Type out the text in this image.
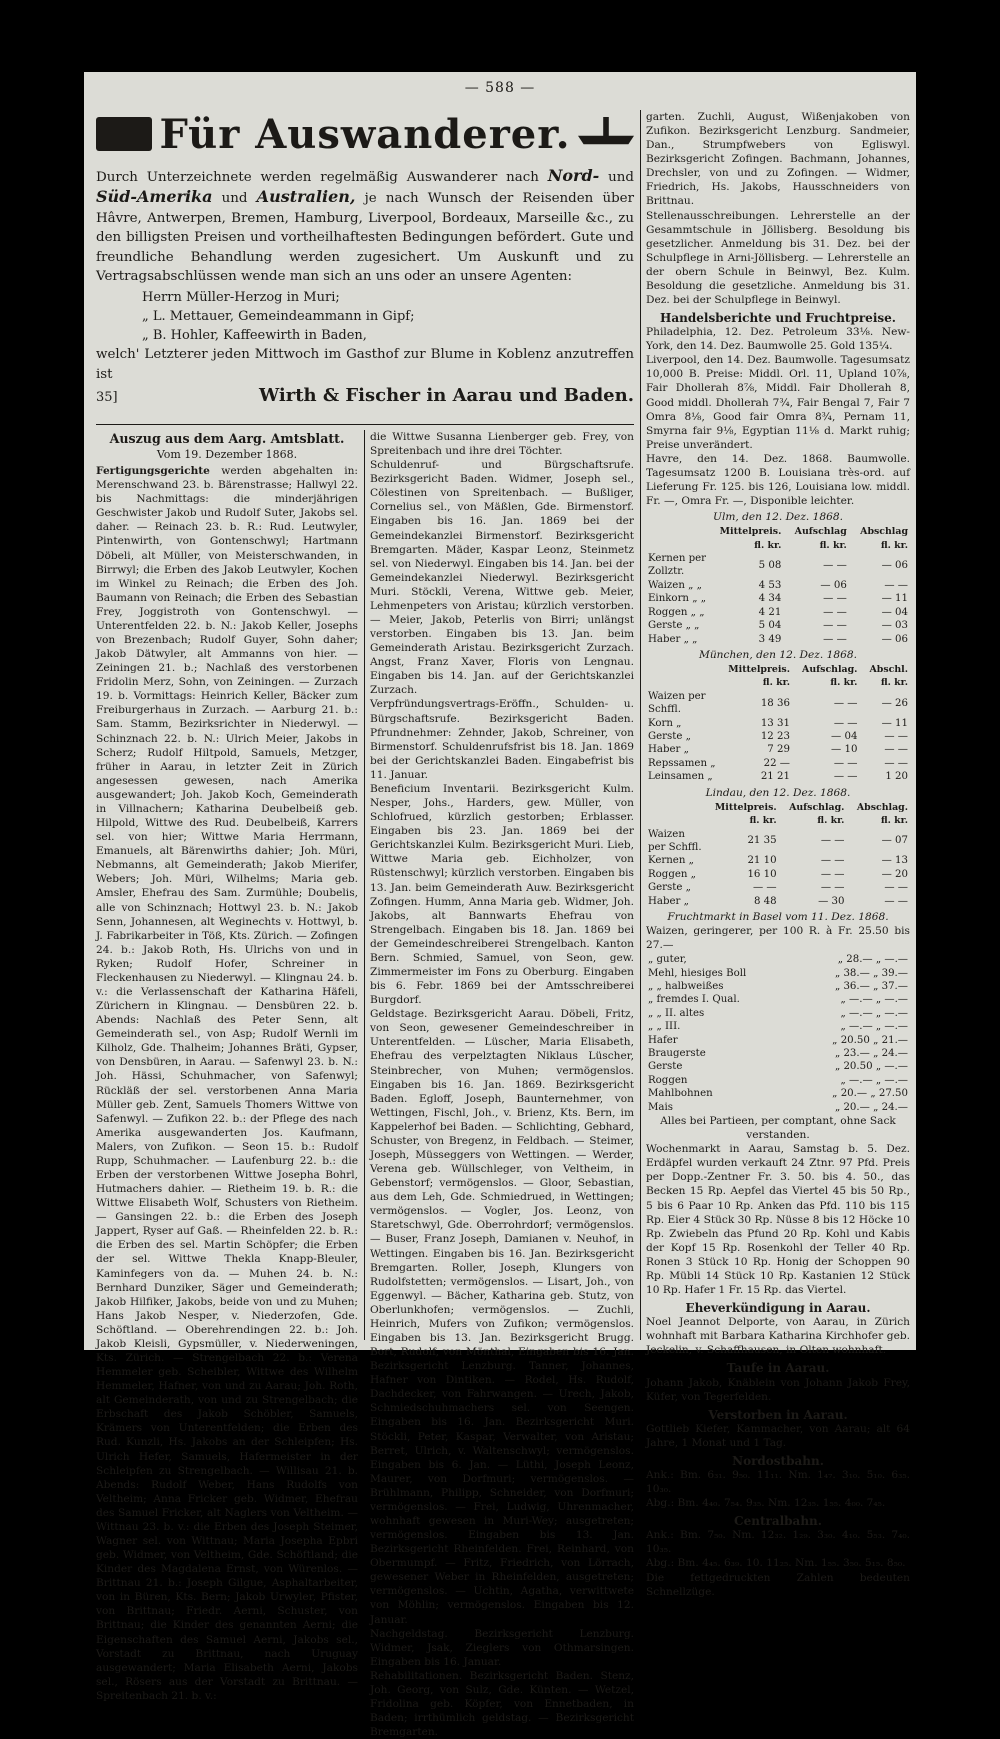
— 588 —
Für Auswanderer.

Durch Unterzeichnete werden regelmäßig Auswanderer nach Nord- und Süd-Amerika und Australien, je nach Wunsch der Reisenden über Hâvre, Antwerpen, Bremen, Hamburg, Liverpool, Bordeaux, Marseille &c., zu den billigsten Preisen und vortheilhaftesten Bedingungen befördert. Gute und freundliche Behandlung werden zugesichert. Um Auskunft und zu Vertragsabschlüssen wende man sich an uns oder an unsere Agenten:

Herrn Müller-Herzog in Muri;
„ L. Mettauer, Gemeindeammann in Gipf;
„ B. Hohler, Kaffeewirth in Baden,

welch' Letzterer jeden Mittwoch im Gasthof zur Blume in Koblenz anzutreffen ist

35]	Wirth & Fischer in Aarau und Baden.
Auszug aus dem Aarg. Amtsblatt.
Vom 19. Dezember 1868.

Fertigungsgerichte werden abgehalten in: Merenschwand 23. b. Bärenstrasse; Hallwyl 22. bis Nachmittags: die minderjährigen Geschwister Jakob und Rudolf Suter, Jakobs sel. daher. — Reinach 23. b. R.: Rud. Leutwyler, Pintenwirth, von Gontenschwyl; Hartmann Döbeli, alt Müller, von Meisterschwanden, in Birrwyl; die Erben des Jakob Leutwyler, Kochen im Winkel zu Reinach; die Erben des Joh. Baumann von Reinach; die Erben des Sebastian Frey, Joggistroth von Gontenschwyl. — Unterentfelden 22. b. N.: Jakob Keller, Josephs von Brezenbach; Rudolf Guyer, Sohn daher; Jakob Dätwyler, alt Ammanns von hier. — Zeiningen 21. b.; Nachlaß des verstorbenen Fridolin Merz, Sohn, von Zeiningen. — Zurzach 19. b. Vormittags: Heinrich Keller, Bäcker zum Freiburgerhaus in Zurzach. — Aarburg 21. b.: Sam. Stamm, Bezirksrichter in Niederwyl. — Schinznach 22. b. N.: Ulrich Meier, Jakobs in Scherz; Rudolf Hiltpold, Samuels, Metzger, früher in Aarau, in letzter Zeit in Zürich angesessen gewesen, nach Amerika ausgewandert; Joh. Jakob Koch, Gemeinderath in Villnachern; Katharina Deubelbeiß geb. Hilpold, Wittwe des Rud. Deubelbeiß, Karrers sel. von hier; Wittwe Maria Herrmann, Emanuels, alt Bärenwirths dahier; Joh. Müri, Nebmanns, alt Gemeinderath; Jakob Mierifer, Webers; Joh. Müri, Wilhelms; Maria geb. Amsler, Ehefrau des Sam. Zurmühle; Doubelis, alle von Schinznach; Hottwyl 23. b. N.: Jakob Senn, Johannesen, alt Weginechts v. Hottwyl, b. J. Fabrikarbeiter in Töß, Kts. Zürich. — Zofingen 24. b.: Jakob Roth, Hs. Ulrichs von und in Ryken; Rudolf Hofer, Schreiner in Fleckenhausen zu Niederwyl. — Klingnau 24. b. v.: die Verlassenschaft der Katharina Häfeli, Zürichern in Klingnau. — Densbüren 22. b. Abends: Nachlaß des Peter Senn, alt Gemeinderath sel., von Asp; Rudolf Wernli im Kilholz, Gde. Thalheim; Johannes Bräti, Gypser, von Densbüren, in Aarau. — Safenwyl 23. b. N.: Joh. Hässi, Schuhmacher, von Safenwyl; Rückläß der sel. verstorbenen Anna Maria Müller geb. Zent, Samuels Thomers Wittwe von Safenwyl. — Zufikon 22. b.: der Pflege des nach Amerika ausgewanderten Jos. Kaufmann, Malers, von Zufikon. — Seon 15. b.: Rudolf Rupp, Schuhmacher. — Laufenburg 22. b.: die Erben der verstorbenen Wittwe Josepha Bohrl, Hutmachers dahier. — Rietheim 19. b. R.: die Wittwe Elisabeth Wolf, Schusters von Rietheim. — Gansingen 22. b.: die Erben des Joseph Jappert, Ryser auf Gaß. — Rheinfelden 22. b. R.: die Erben des sel. Martin Schöpfer; die Erben der sel. Wittwe Thekla Knapp-Bleuler, Kaminfegers von da. — Muhen 24. b. N.: Bernhard Dunziker, Säger und Gemeinderath; Jakob Hilfiker, Jakobs, beide von und zu Muhen; Hans Jakob Nesper, v. Niederzofen, Gde. Schöftland. — Oberehrendingen 22. b.: Joh. Jakob Kleisli, Gypsmüller, v. Niederweningen, Kts. Zürich. — Strengelbach 22. b.: Verena Hemmeler geb. Scheibler, Wittwe des Wilhelm Hemmeler, Hafner, von und zu Aarau; Joh. Roth, alt Gemeinderath, von und zu Strengelbach; die Erbschaft des Jakob Schöbler, Samuels, Krämers von Unterentfelden; die Erben des Rud. Kunzli, Hs. Jakobs an der Schleipfen; Hs. Ulrich Hefer, Samuels, Hafermeister in der Schleipfen zu Strengelbach. — Willisau 21. b. Abends: Rudolf Weber, Hans Rudolfs von Veltheim; Anna Fricker geb. Widmer, Ehefrau des Samuel Fricker, alt Naglers von Veltheim. — Wittnau 23. b. v.: die Erben des Joseph Steimer, Wagner sel. von Wittnau; Maria Josepha Epbri geb. Widmer, von Veltheim, Gde. Schöftland; die Kinder des Magdalena Ernst, von Würenlos. — Brittnau 21. b.: Joseph Gilgue, Asphaltarbeiter, von in Büren, Kts. Bern; Jakob Urwyler, Pfister, von Brittnau; Friedr. Aerni, Schuster, von Brittnau; die Kinder des genannten Aerni; die Eigenschaften des Samuel Aerni, Jakobs sel., Vorstadt zu Brittnau, nach Uruguay ausgewandert; Maria Elisabeth Aerni, Jakobs sel., Rösers aus der Vorstadt zu Brittnau. — Spreitenbach 21. b. v.:

die Wittwe Susanna Lienberger geb. Frey, von Spreitenbach und ihre drei Töchter.

Schuldenruf- und Bürgschaftsrufe. Bezirksgericht Baden. Widmer, Joseph sel., Cölestinen von Spreitenbach. — Bußliger, Cornelius sel., von Mäßlen, Gde. Birmenstorf. Eingaben bis 16. Jan. 1869 bei der Gemeindekanzlei Birmenstorf. Bezirksgericht Bremgarten. Mäder, Kaspar Leonz, Steinmetz sel. von Niederwyl. Eingaben bis 14. Jan. bei der Gemeindekanzlei Niederwyl. Bezirksgericht Muri. Stöckli, Verena, Wittwe geb. Meier, Lehmenpeters von Aristau; kürzlich verstorben. — Meier, Jakob, Peterlis von Birri; unlängst verstorben. Eingaben bis 13. Jan. beim Gemeinderath Aristau. Bezirksgericht Zurzach. Angst, Franz Xaver, Floris von Lengnau. Eingaben bis 14. Jan. auf der Gerichtskanzlei Zurzach.

Verpfründungsvertrags-Eröffn., Schulden- u. Bürgschaftsrufe. Bezirksgericht Baden. Pfrundnehmer: Zehnder, Jakob, Schreiner, von Birmenstorf. Schuldenrufsfrist bis 18. Jan. 1869 bei der Gerichtskanzlei Baden. Eingabefrist bis 11. Januar.

Beneficium Inventarii. Bezirksgericht Kulm. Nesper, Johs., Harders, gew. Müller, von Schlofrued, kürzlich gestorben; Erblasser. Eingaben bis 23. Jan. 1869 bei der Gerichtskanzlei Kulm. Bezirksgericht Muri. Lieb, Wittwe Maria geb. Eichholzer, von Rüstenschwyl; kürzlich verstorben. Eingaben bis 13. Jan. beim Gemeinderath Auw. Bezirksgericht Zofingen. Humm, Anna Maria geb. Widmer, Joh. Jakobs, alt Bannwarts Ehefrau von Strengelbach. Eingaben bis 18. Jan. 1869 bei der Gemeindeschreiberei Strengelbach. Kanton Bern. Schmied, Samuel, von Seon, gew. Zimmermeister im Fons zu Oberburg. Eingaben bis 6. Febr. 1869 bei der Amtsschreiberei Burgdorf.

Geldstage. Bezirksgericht Aarau. Döbeli, Fritz, von Seon, gewesener Gemeindeschreiber in Unterentfelden. — Lüscher, Maria Elisabeth, Ehefrau des verpelztagten Niklaus Lüscher, Steinbrecher, von Muhen; vermögenslos. Eingaben bis 16. Jan. 1869. Bezirksgericht Baden. Egloff, Joseph, Baunternehmer, von Wettingen, Fischl, Joh., v. Brienz, Kts. Bern, im Kappelerhof bei Baden. — Schlichting, Gebhard, Schuster, von Bregenz, in Feldbach. — Steimer, Joseph, Müsseggers von Wettingen. — Werder, Verena geb. Wüllschleger, von Veltheim, in Gebenstorf; vermögenslos. — Gloor, Sebastian, aus dem Leh, Gde. Schmiedrued, in Wettingen; vermögenslos. — Vogler, Jos. Leonz, von Staretschwyl, Gde. Oberrohrdorf; vermögenslos. — Buser, Franz Joseph, Damianen v. Neuhof, in Wettingen. Eingaben bis 16. Jan. Bezirksgericht Bremgarten. Roller, Joseph, Klungers von Rudolfstetten; vermögenslos. — Lisart, Joh., von Eggenwyl. — Bächer, Katharina geb. Stutz, von Oberlunkhofen; vermögenslos. — Zuchli, Heinrich, Mufers von Zufikon; vermögenslos. Eingaben bis 13. Jan. Bezirksgericht Brugg. Bort, Rudolf, von Mönthal, Eingaben bis 16. Jan. Bezirksgericht Lenzburg. Tanner, Johannes, Hafner von Dintiken. — Rodel, Hs. Rudolf, Dachdecker, von Fahrwangen. — Urech, Jakob, Schmiedschuhmachers sel. von Seengen. Eingaben bis 16. Jan. Bezirksgericht Muri. Stöckli, Peter, Kaspar, Verwalter, von Aristau; Berret, Ulrich, v. Waltenschwyl; vermögenslos. Eingaben bis 6. Jan. — Lüthi, Joseph Leonz, Maurer, von Dorfmuri; vermögenslos. — Brühlmann, Philipp, Schneider, von Dorfmuri; vermögenslos. — Frei, Ludwig, Uhrenmacher, wohnhaft gewesen in Muri-Wey; ausgetreten; vermögenslos. Eingaben bis 13. Jan. Bezirksgericht Rheinfelden. Frei, Reinhard, von Obermumpf. — Fritz, Friedrich, von Lörrach, gewesener Weber in Rheinfelden, ausgetreten; vermögenslos. — Uchtin, Agatha, verwittwete von Möhlin; vermögenslos. Eingaben bis 12. Januar.

Nachgeldstag. Bezirksgericht Lenzburg. Widmer, Jsak, Zieglers von Othmarsingen. Eingaben bis 16. Januar.

Rehabilitationen. Bezirksgericht Baden. Stenz, Joh. Georg, von Sulz, Gde. Künten. — Wetzel, Fridolina geb. Köpfer, von Ennetbaden, in Baden; irrthümlich geldstag. — Bezirksgericht Bremgarten.

garten. Zuchli, August, Wißenjakoben von Zufikon. Bezirksgericht Lenzburg. Sandmeier, Dan., Strumpfwebers von Egliswyl. Bezirksgericht Zofingen. Bachmann, Johannes, Drechsler, von und zu Zofingen. — Widmer, Friedrich, Hs. Jakobs, Hausschneiders von Brittnau.

Stellenausschreibungen. Lehrerstelle an der Gesammtschule in Jöllisberg. Besoldung bis gesetzlicher. Anmeldung bis 31. Dez. bei der Schulpflege in Arni-Jöllisberg. — Lehrerstelle an der obern Schule in Beinwyl, Bez. Kulm. Besoldung die gesetzliche. Anmeldung bis 31. Dez. bei der Schulpflege in Beinwyl.

Handelsberichte und Fruchtpreise.

Philadelphia, 12. Dez. Petroleum 33⅛. New-York, den 14. Dez. Baumwolle 25. Gold 135¼.

Liverpool, den 14. Dez. Baumwolle. Tagesumsatz 10,000 B. Preise: Middl. Orl. 11, Upland 10⅞, Fair Dhollerah 8⅞, Middl. Fair Dhollerah 8, Good middl. Dhollerah 7¾, Fair Bengal 7, Fair 7 Omra 8⅛, Good fair Omra 8¾, Pernam 11, Smyrna fair 9⅛, Egyptian 11⅛ d. Markt ruhig; Preise unverändert.

Havre, den 14. Dez. 1868. Baumwolle. Tagesumsatz 1200 B. Louisiana très-ord. auf Lieferung Fr. 125. bis 126, Louisiana low. middl. Fr. —, Omra Fr. —, Disponible leichter.

Ulm, den 12. Dez. 1868.
	Mittelpreis. fl. kr.	Aufschlag fl. kr.	Abschlag fl. kr.
Kernen per Zollztr.	5 08	— —	— 06
Waizen „ „	4 53	— 06	— —
Einkorn „ „	4 34	— —	— 11
Roggen „ „	4 21	— —	— 04
Gerste „ „	5 04	— —	— 03
Haber „ „	3 49	— —	— 06
München, den 12. Dez. 1868.
	Mittelpreis. fl. kr.	Aufschlag. fl. kr.	Abschl. fl. kr.
Waizen per Schffl.	18 36	— —	— 26
Korn „	13 31	— —	— 11
Gerste „	12 23	— 04	— —
Haber „	7 29	— 10	— —
Repssamen „	22 —	— —	— —
Leinsamen „	21 21	— —	1 20
Lindau, den 12. Dez. 1868.
	Mittelpreis. fl. kr.	Aufschlag. fl. kr.	Abschlag. fl. kr.
Waizen per Schffl.	21 35	— —	— 07
Kernen „	21 10	— —	— 13
Roggen „	16 10	— —	— 20
Gerste „	— —	— —	— —
Haber „	8 48	— 30	— —
Fruchtmarkt in Basel vom 11. Dez. 1868.
Waizen, geringerer, per 100 R. à Fr. 25.50 bis 27.—
„ guter,	„ 28.— „ —.—
Mehl, hiesiges Boll	„ 38.— „ 39.—
„ „ halbweißes	„ 36.— „ 37.—
„ fremdes I. Qual.	„ —.— „ —.—
„ „ II. altes	„ —.— „ —.—
„ „ III.	„ —.— „ —.—
Hafer	„ 20.50 „ 21.—
Braugerste	„ 23.— „ 24.—
Gerste	„ 20.50 „ —.—
Roggen	„ —.— „ —.—
Mahlbohnen	„ 20.— „ 27.50
Mais	„ 20.— „ 24.—
Alles bei Partieen, per comptant, ohne Sack verstanden.

Wochenmarkt in Aarau, Samstag b. 5. Dez. Erdäpfel wurden verkauft 24 Ztnr. 97 Pfd. Preis per Dopp.-Zentner Fr. 3. 50. bis 4. 50., das Becken 15 Rp. Aepfel das Viertel 45 bis 50 Rp., 5 bis 6 Paar 10 Rp. Anken das Pfd. 110 bis 115 Rp. Eier 4 Stück 30 Rp. Nüsse 8 bis 12 Höcke 10 Rp. Zwiebeln das Pfund 20 Rp. Kohl und Kabis der Kopf 15 Rp. Rosenkohl der Teller 40 Rp. Ronen 3 Stück 10 Rp. Honig der Schoppen 90 Rp. Mübli 14 Stück 10 Rp. Kastanien 12 Stück 10 Rp. Hafer 1 Fr. 15 Rp. das Viertel.

Eheverkündigung in Aarau.

Noel Jeannot Delporte, von Aarau, in Zürich wohnhaft mit Barbara Katharina Kirchhofer geb. Jeckelin, v. Schaffhausen, in Olten wohnhaft.

Taufe in Aarau.

Johann Jakob, Knäblein von Johann Jakob Frey, Küfer, von Tegerfelden.

Verstorben in Aarau.

Gottlieb Kiefer, Kammacher, von Aarau; alt 64 Jahre, 1 Monat und 1 Tag.

Nordostbahn.
Ank.: Bm. 6₃₁. 9₅₀. 11₁₁. Nm. 1₄₇. 3₁₀. 5₁₀. 6₃₅. 10₃₀.
Abg.: Bm. 4₄₀. 7₅₄. 9₃₅. Nm. 12₃₅. 1₅₅. 4₀₀. 7₄₅.
Centralbahn.
Ank.: Bm. 7₅₀. Nm. 12₃₂. 1₂₉. 3₃₀. 4₁₀. 5₅₃. 7₄₀. 10₃₅.
Abg.: Bm. 4₄₅. 6₃₉. 10. 11₂₅. Nm. 1₅₅. 3₅₀. 5₁₅. 8₅₀.
Die fettgedruckten Zahlen bedeuten Schnellzüge.
